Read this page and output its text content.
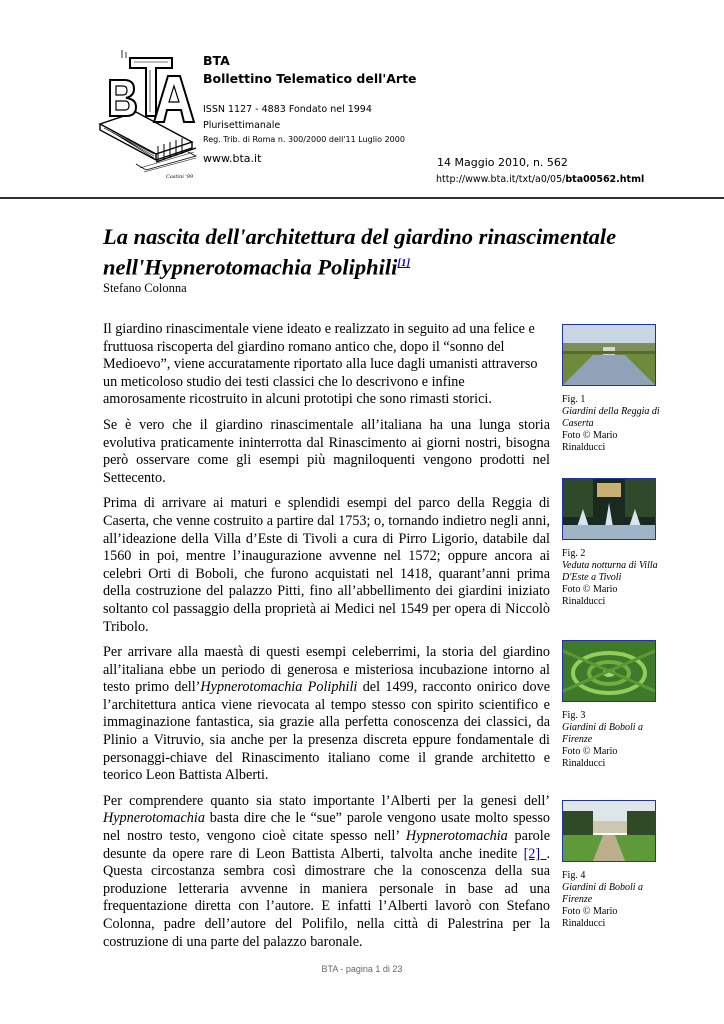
Castini '99
BTA
Bollettino Telematico dell'Arte
ISSN 1127 - 4883 Fondato nel 1994
Plurisettimanale
Reg. Trib. di Roma n. 300/2000 dell'11 Luglio 2000
www.bta.it	14 Maggio 2010, n. 562
http://www.bta.it/txt/a0/05/bta00562.html
La nascita dell'architettura del giardino rinascimentale
nell'Hypnerotomachia Poliphili[1]
Stefano Colonna

Il giardino rinascimentale viene ideato e realizzato in seguito ad una felice e fruttuosa riscoperta del giardino romano antico che, dopo il “sonno del Medioevo”, viene accuratamente riportato alla luce dagli umanisti attraverso un meticoloso studio dei testi classici che lo descrivono e infine amorosamente ricostruito in alcuni prototipi che sono rimasti storici.

Se è vero che il giardino rinascimentale all’italiana ha una lunga storia evolutiva praticamente ininterrotta dal Rinascimento ai giorni nostri, bisogna però osservare come gli esempi più magniloquenti vengono prodotti nel Settecento.

Prima di arrivare ai maturi e splendidi esempi del parco della Reggia di Caserta, che venne costruito a partire dal 1753; o, tornando indietro negli anni, all’ideazione della Villa d’Este di Tivoli a cura di Pirro Ligorio, databile dal 1560 in poi, mentre l’inaugurazione avvenne nel 1572; oppure ancora ai celebri Orti di Boboli, che furono acquistati nel 1418, quarant’anni prima della costruzione del palazzo Pitti, fino all’abbellimento dei giardini iniziato soltanto col passaggio della proprietà ai Medici nel 1549 per opera di Niccolò Tribolo.

Per arrivare alla maestà di questi esempi celeberrimi, la storia del giardino all’italiana ebbe un periodo di generosa e misteriosa incubazione intorno al testo primo dell’Hypnerotomachia Poliphili del 1499, racconto onirico dove l’architettura antica viene rievocata al tempo stesso con spirito scientifico e immaginazione fantastica, sia grazie alla perfetta conoscenza dei classici, da Plinio a Vitruvio, sia anche per la presenza discreta eppure fondamentale di personaggi-chiave del Rinascimento italiano come il grande architetto e teorico Leon Battista Alberti.

Per comprendere quanto sia stato importante l’Alberti per la genesi dell’ Hypnerotomachia basta dire che le “sue” parole vengono usate molto spesso nel nostro testo, vengono cioè citate spesso nell’ Hypnerotomachia parole desunte da opere rare di Leon Battista Alberti, talvolta anche inedite [2] . Questa circostanza sembra così dimostrare che la conoscenza della sua produzione letteraria avvenne in maniera personale in base ad una frequentazione diretta con l’autore. E infatti l’Alberti lavorò con Stefano Colonna, padre dell’autore del Polifilo, nella città di Palestrina per la costruzione di una parte del palazzo baronale.

Fig. 1
Giardini della Reggia di Caserta
Foto © Mario Rinalducci
Fig. 2
Veduta notturna di Villa D'Este a Tivoli
Foto © Mario Rinalducci
Fig. 3
Giardini di Boboli a Firenze
Foto © Mario Rinalducci
Fig. 4
Giardini di Boboli a Firenze
Foto © Mario Rinalducci
BTA - pagina 1 di 23
